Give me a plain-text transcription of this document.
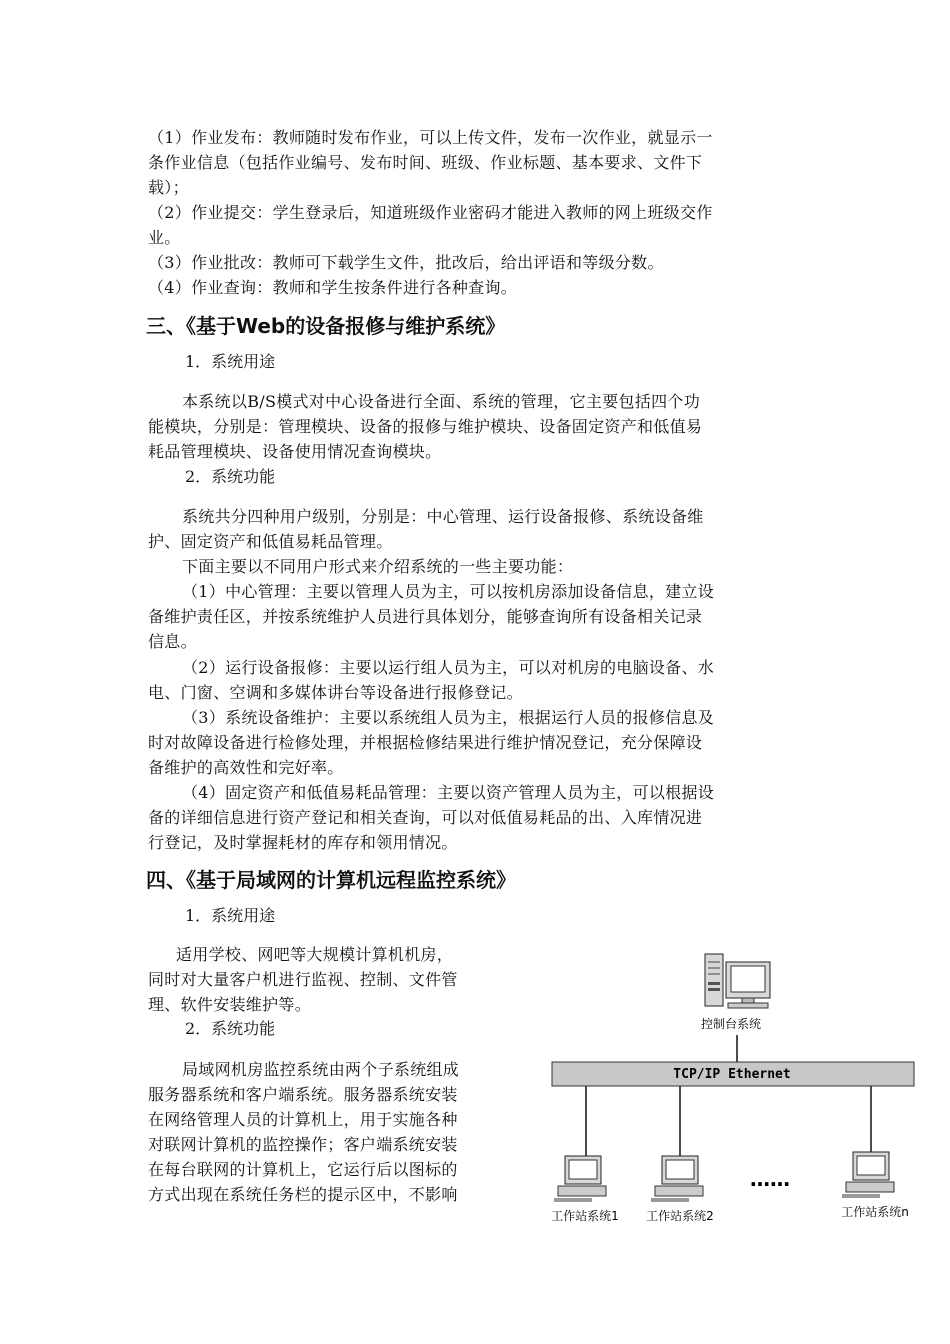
（1）作业发布：教师随时发布作业，可以上传文件，发布一次作业，就显示一
条作业信息（包括作业编号、发布时间、班级、作业标题、基本要求、文件下
载）；
（2）作业提交：学生登录后，知道班级作业密码才能进入教师的网上班级交作
业。
（3）作业批改：教师可下载学生文件，批改后，给出评语和等级分数。
（4）作业查询：教师和学生按条件进行各种查询。
三、《基于Web的设备报修与维护系统》
1．系统用途
本系统以B/S模式对中心设备进行全面、系统的管理，它主要包括四个功
能模块，分别是：管理模块、设备的报修与维护模块、设备固定资产和低值易
耗品管理模块、设备使用情况查询模块。
2．系统功能
系统共分四种用户级别，分别是：中心管理、运行设备报修、系统设备维
护、固定资产和低值易耗品管理。
下面主要以不同用户形式来介绍系统的一些主要功能：
（1）中心管理：主要以管理人员为主，可以按机房添加设备信息，建立设
备维护责任区，并按系统维护人员进行具体划分，能够查询所有设备相关记录
信息。
（2）运行设备报修：主要以运行组人员为主，可以对机房的电脑设备、水
电、门窗、空调和多媒体讲台等设备进行报修登记。
（3）系统设备维护：主要以系统组人员为主，根据运行人员的报修信息及
时对故障设备进行检修处理，并根据检修结果进行维护情况登记，充分保障设
备维护的高效性和完好率。
（4）固定资产和低值易耗品管理：主要以资产管理人员为主，可以根据设
备的详细信息进行资产登记和相关查询，可以对低值易耗品的出、入库情况进
行登记，及时掌握耗材的库存和领用情况。
四、《基于局域网的计算机远程监控系统》
1．系统用途
适用学校、网吧等大规模计算机机房，
同时对大量客户机进行监视、控制、文件管
理、软件安装维护等。
2．系统功能
局域网机房监控系统由两个子系统组成
服务器系统和客户端系统。服务器系统安装
在网络管理人员的计算机上，用于实施各种
对联网计算机的监控操作；客户端系统安装
在每台联网的计算机上，它运行后以图标的
方式出现在系统任务栏的提示区中，不影响
控制台系统
TCP/IP Ethernet
工作站系统1 工作站系统2
……
工作站系统n
